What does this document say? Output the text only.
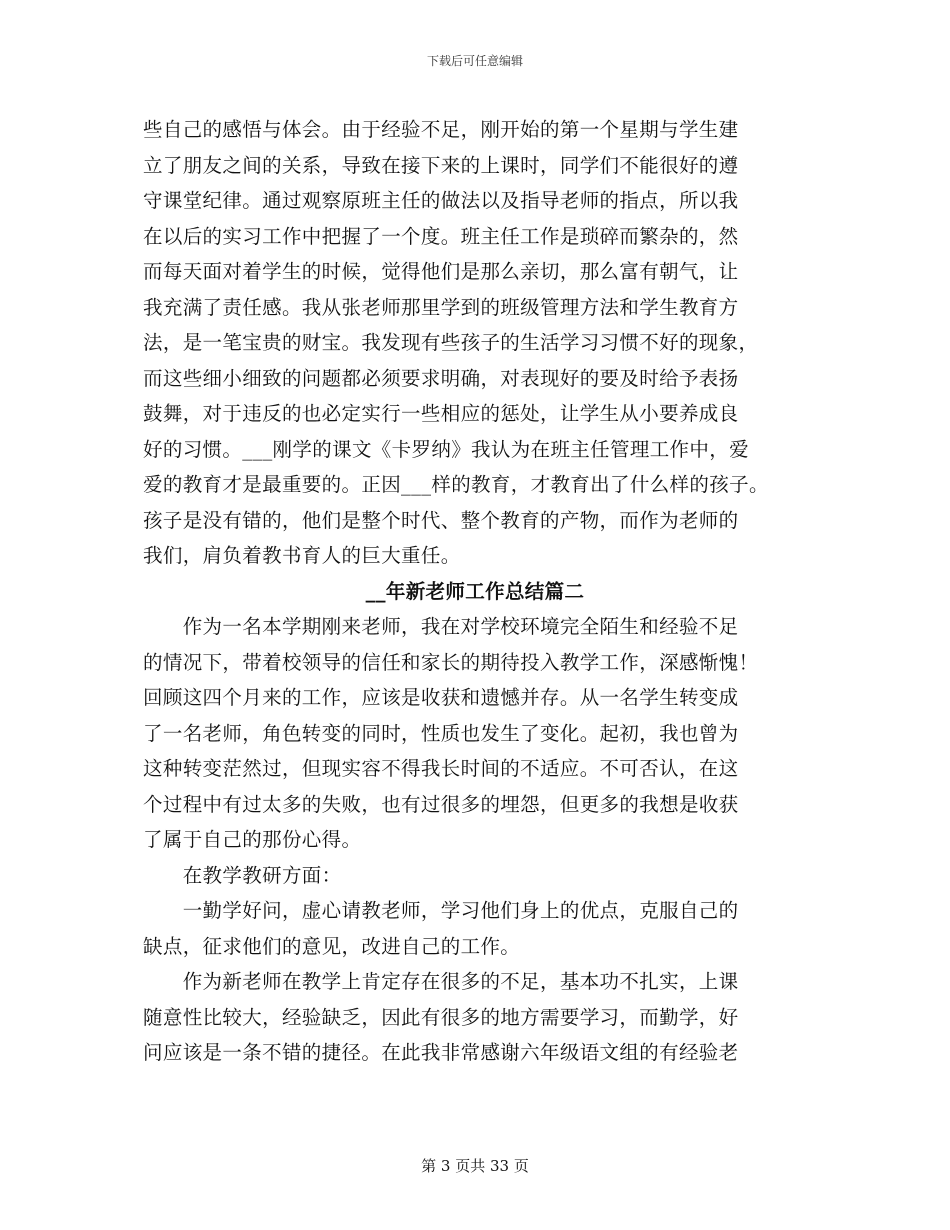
下载后可任意编辑
些自己的感悟与体会。由于经验不足，刚开始的第一个星期与学生建
立了朋友之间的关系，导致在接下来的上课时，同学们不能很好的遵
守课堂纪律。通过观察原班主任的做法以及指导老师的指点，所以我
在以后的实习工作中把握了一个度。班主任工作是琐碎而繁杂的，然
而每天面对着学生的时候，觉得他们是那么亲切，那么富有朝气，让
我充满了责任感。我从张老师那里学到的班级管理方法和学生教育方
法，是一笔宝贵的财宝。我发现有些孩子的生活学习习惯不好的现象，
而这些细小细致的问题都必须要求明确，对表现好的要及时给予表扬
鼓舞，对于违反的也必定实行一些相应的惩处，让学生从小要养成良
好的习惯。___刚学的课文《卡罗纳》我认为在班主任管理工作中，爱
爱的教育才是最重要的。正因___样的教育，才教育出了什么样的孩子。
孩子是没有错的，他们是整个时代、整个教育的产物，而作为老师的
我们，肩负着教书育人的巨大重任。
__年新老师工作总结篇二
　　作为一名本学期刚来老师，我在对学校环境完全陌生和经验不足
的情况下，带着校领导的信任和家长的期待投入教学工作，深感惭愧！
回顾这四个月来的工作，应该是收获和遗憾并存。从一名学生转变成
了一名老师，角色转变的同时，性质也发生了变化。起初，我也曾为
这种转变茫然过，但现实容不得我长时间的不适应。不可否认，在这
个过程中有过太多的失败，也有过很多的埋怨，但更多的我想是收获
了属于自己的那份心得。
　　在教学教研方面：
　　一勤学好问，虚心请教老师，学习他们身上的优点，克服自己的
缺点，征求他们的意见，改进自己的工作。
　　作为新老师在教学上肯定存在很多的不足，基本功不扎实，上课
随意性比较大，经验缺乏，因此有很多的地方需要学习，而勤学，好
问应该是一条不错的捷径。在此我非常感谢六年级语文组的有经验老
第 3 页共 33 页
